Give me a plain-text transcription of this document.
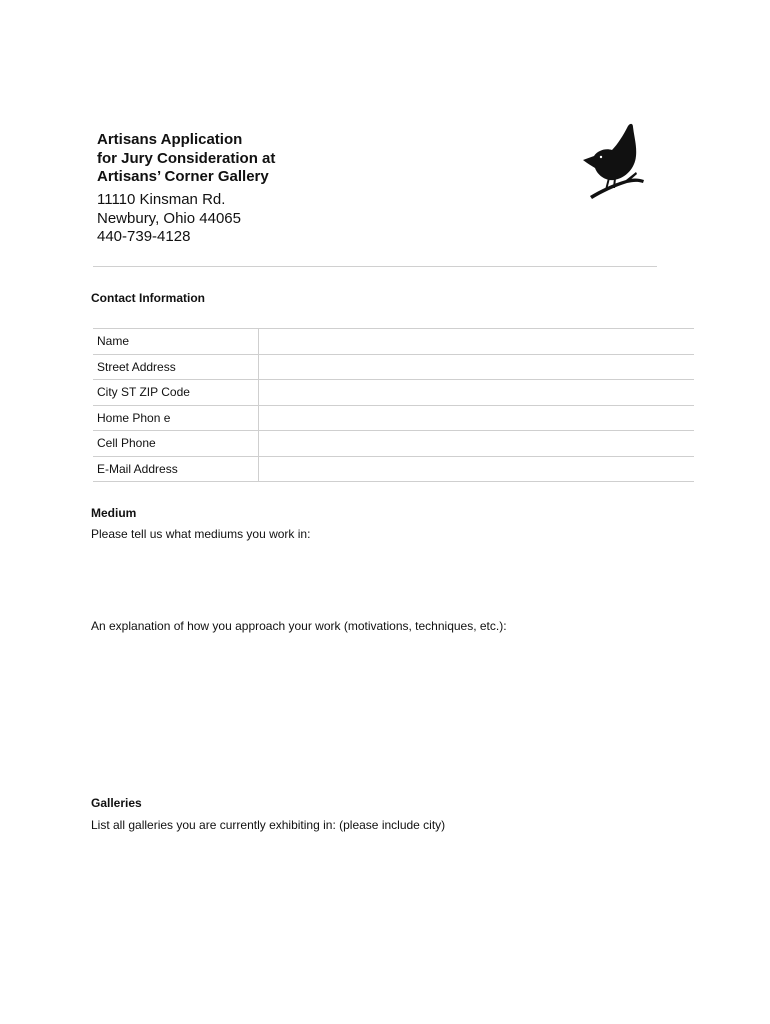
Artisans Application
for Jury Consideration at
Artisans’ Corner Gallery
11110 Kinsman Rd.
Newbury, Ohio 44065
440-739-4128
Contact Information
Name
Street Address
City ST ZIP Code
Home Phon e
Cell Phone
E-Mail Address
Medium
Please tell us what mediums you work in:
An explanation of how you approach your work (motivations, techniques, etc.):
Galleries
List all galleries you are currently exhibiting in: (please include city)
